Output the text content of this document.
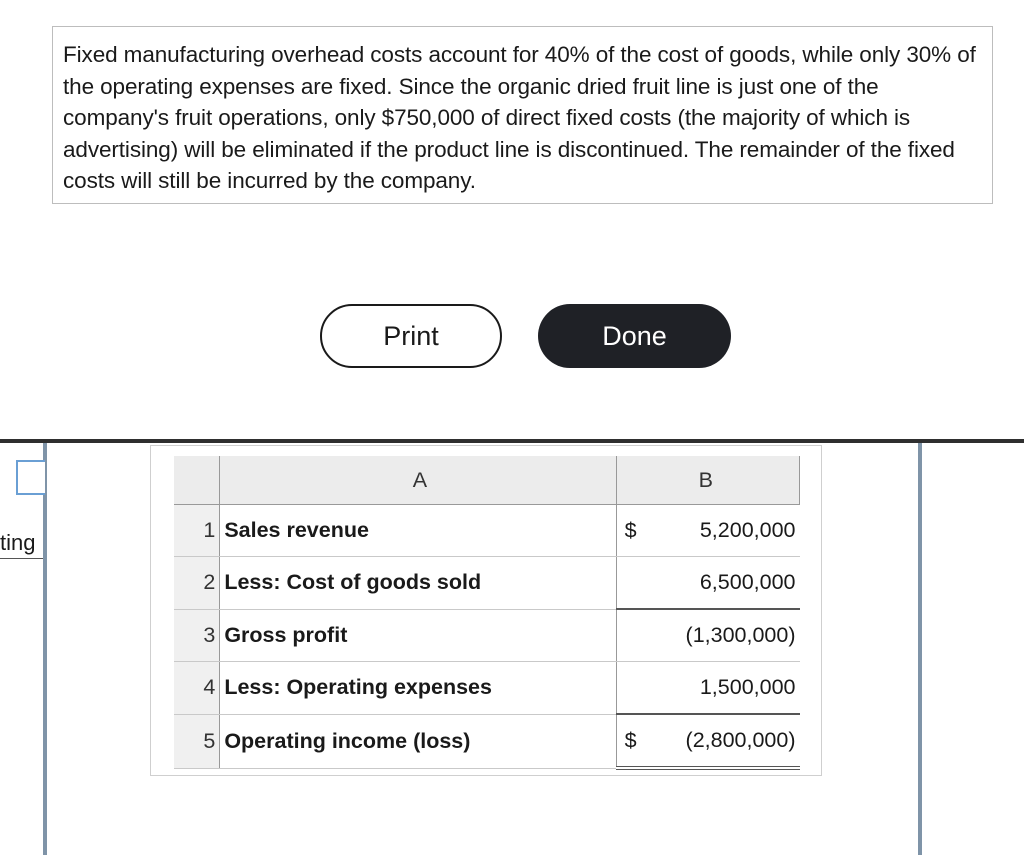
Fixed manufacturing overhead costs account for 40% of the cost of goods, while only 30% of the operating expenses are fixed. Since the organic dried fruit line is just one of the company's fruit operations, only $750,000 of direct fixed costs (the majority of which is advertising) will be eliminated if the product line is discontinued. The remainder of the fixed costs will still be incurred by the company.
Print	Done
ting
	A	B
1	Sales revenue	$ 5,200,000

2	Less: Cost of goods sold	6,500,000

3	Gross profit	(1,300,000)

4	Less: Operating expenses	1,500,000

5	Operating income (loss)	$ (2,800,000)
